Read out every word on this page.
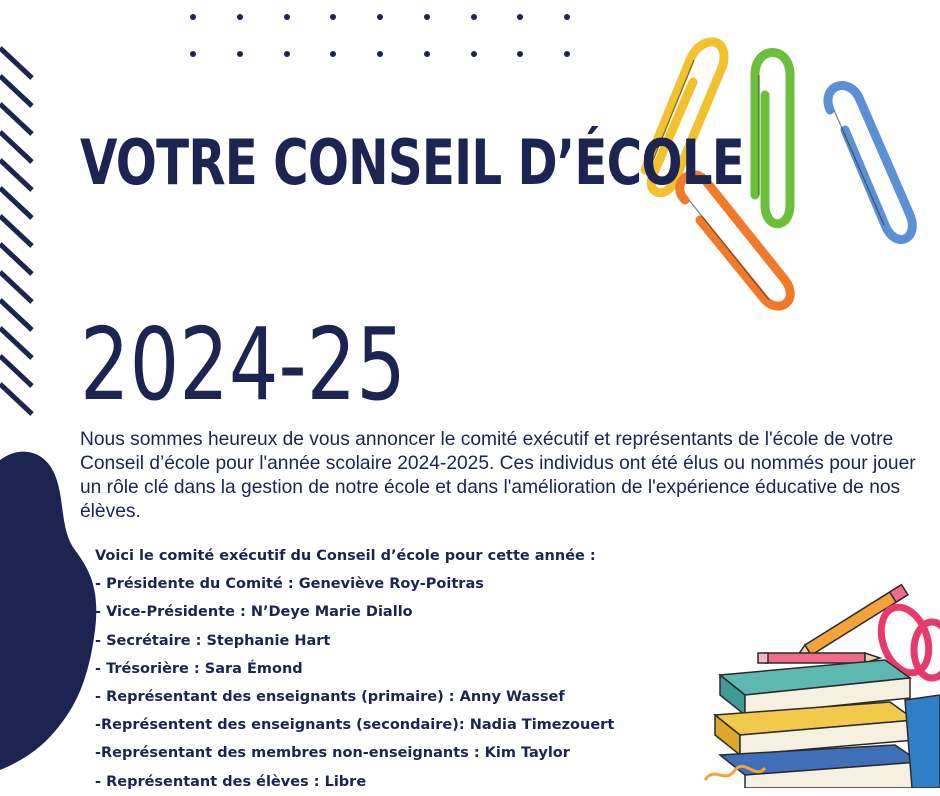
VOTRE CONSEIL D’ÉCOLE
2024-25

Nous sommes heureux de vous annoncer le comité exécutif et représentants de l'école de votre Conseil d’école pour l'année scolaire 2024-2025. Ces individus ont été élus ou nommés pour jouer un rôle clé dans la gestion de notre école et dans l'amélioration de l'expérience éducative de nos élèves.

Voici le comité exécutif du Conseil d’école pour cette année :
- Présidente du Comité : Geneviève Roy-Poitras
- Vice-Présidente : N’Deye Marie Diallo
- Secrétaire : Stephanie Hart
- Trésorière : Sara Émond
- Représentant des enseignants (primaire) : Anny Wassef
-Représentent des enseignants (secondaire): Nadia Timezouert
-Représentant des membres non-enseignants : Kim Taylor
- Représentant des élèves : Libre
